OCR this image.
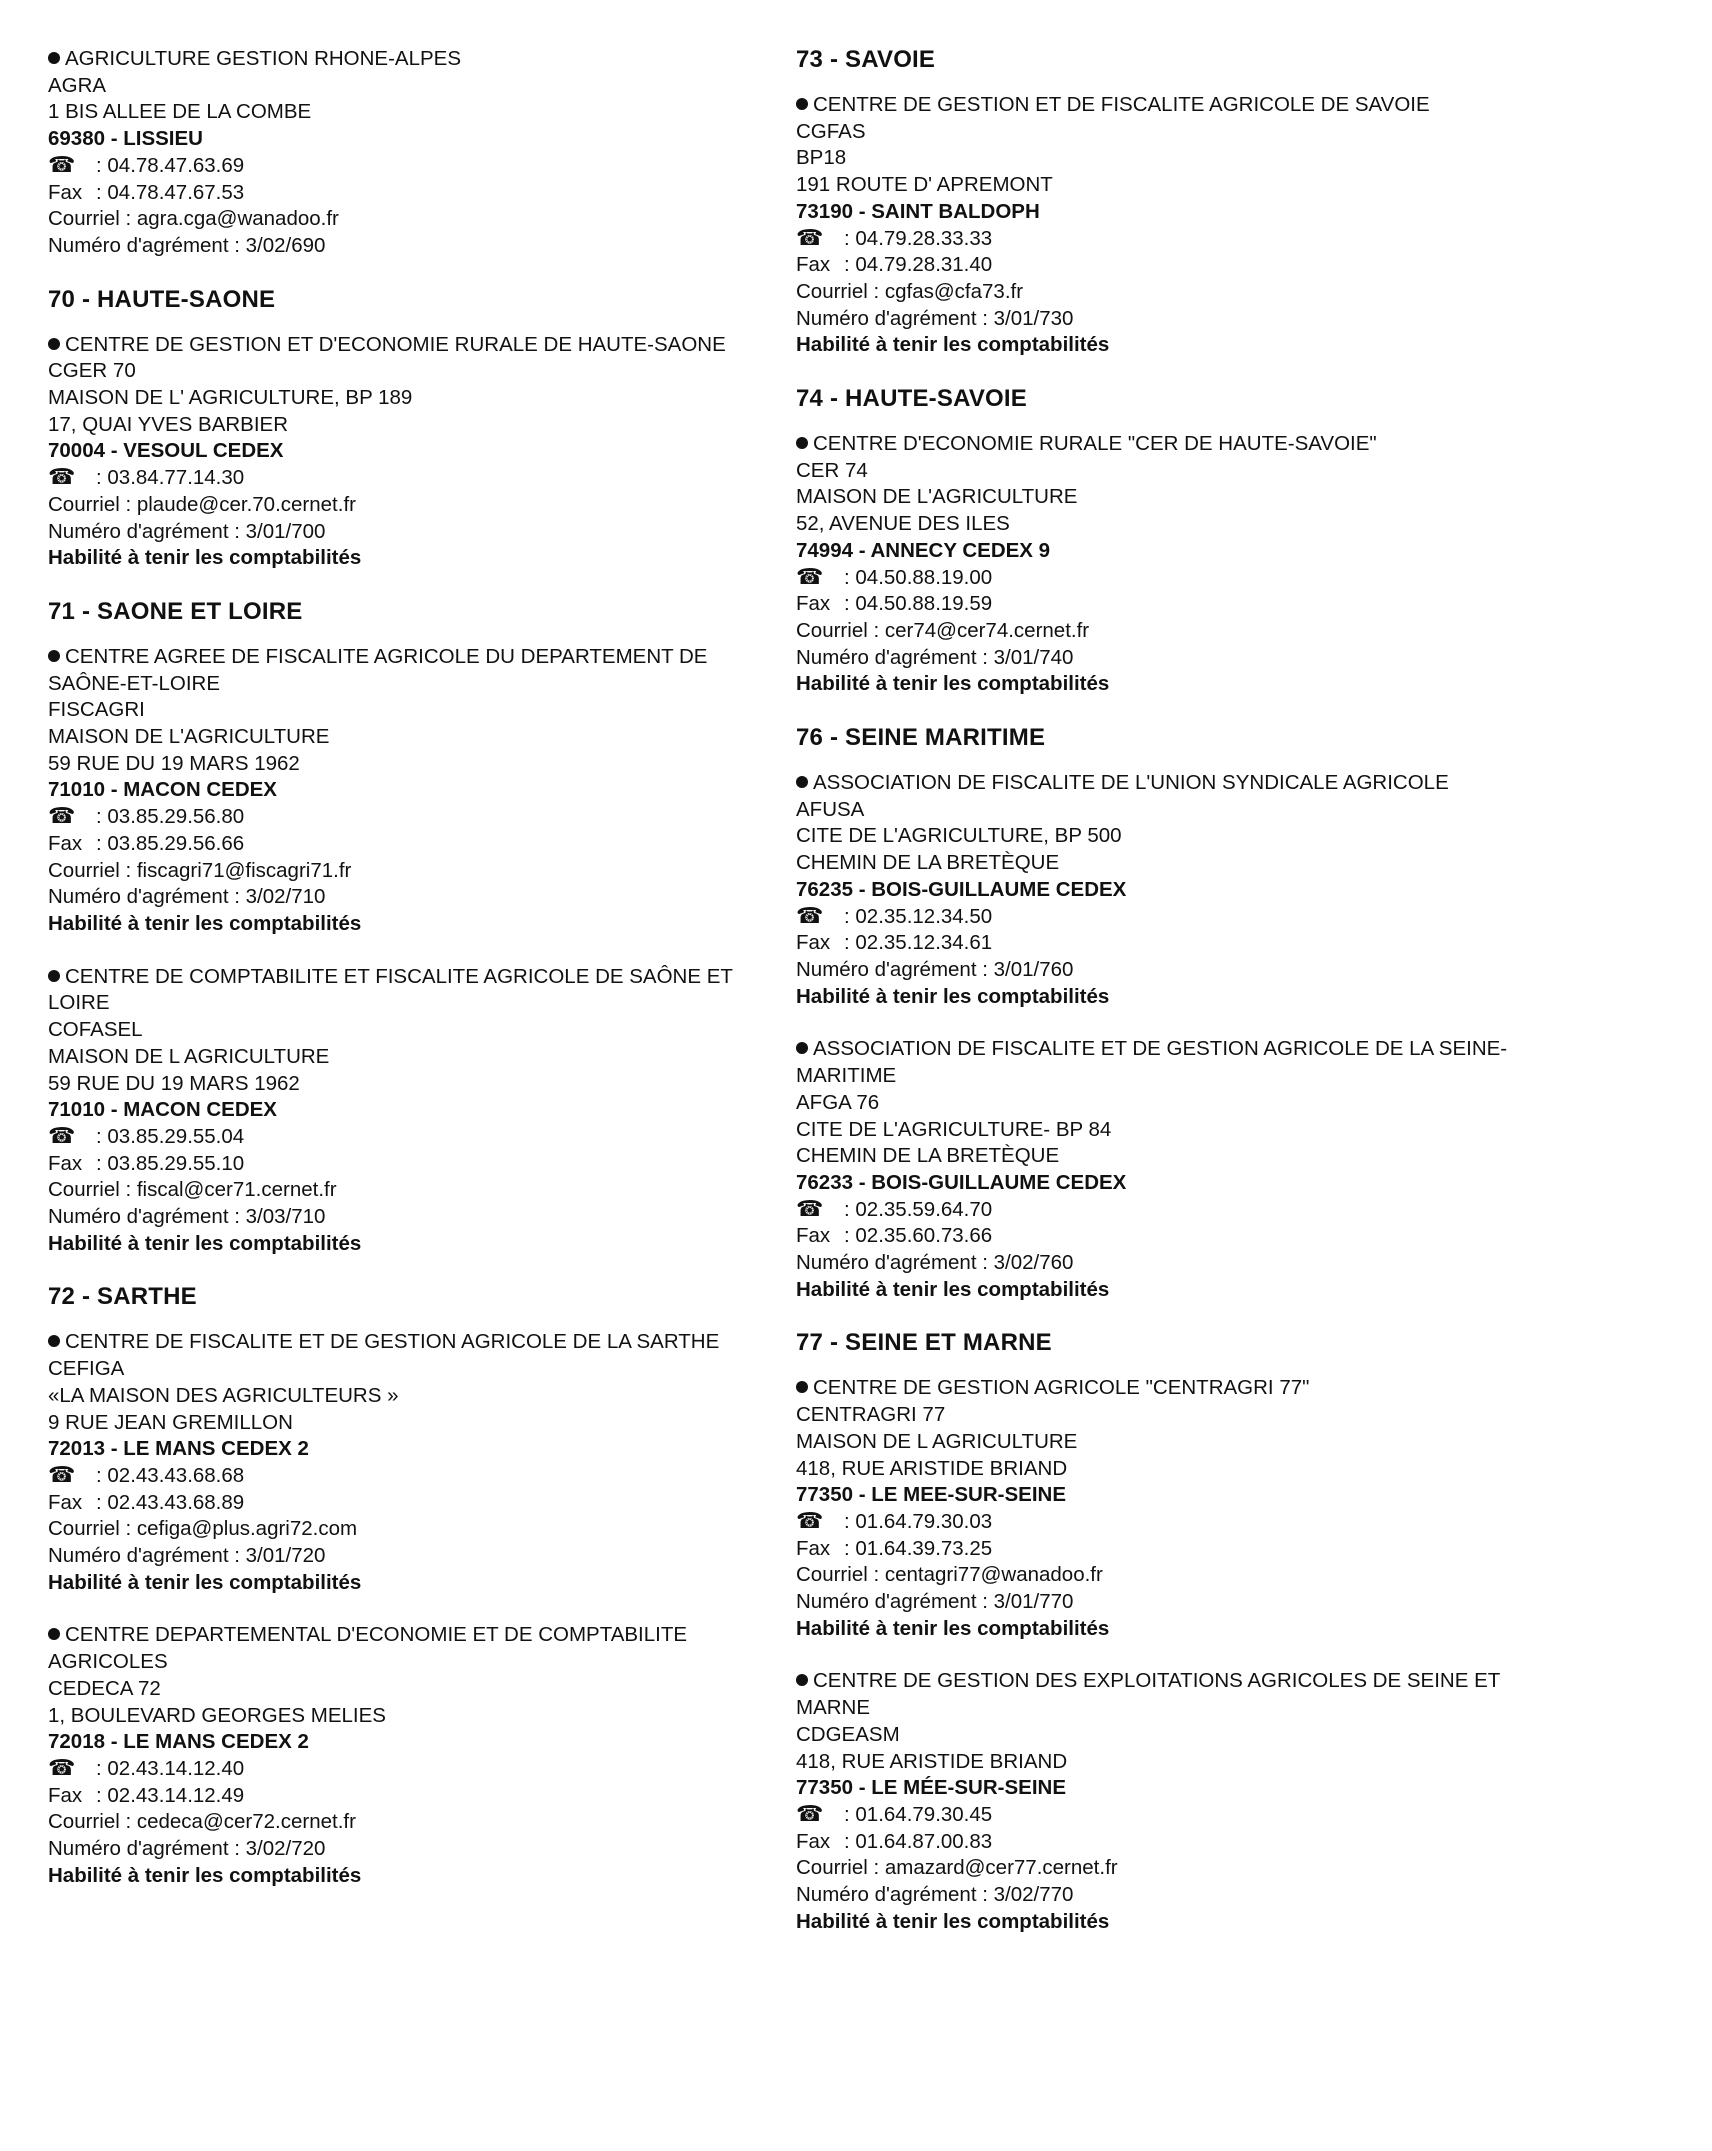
AGRICULTURE GESTION RHONE-ALPES
AGRA
1 BIS ALLEE DE LA COMBE
69380 - LISSIEU
☎ : 04.78.47.63.69
Fax : 04.78.47.67.53
Courriel : agra.cga@wanadoo.fr
Numéro d'agrément : 3/02/690
70 - HAUTE-SAONE
CENTRE DE GESTION ET D'ECONOMIE RURALE DE HAUTE-SAONE
CGER 70
MAISON DE L' AGRICULTURE, BP 189
17, QUAI YVES BARBIER
70004 - VESOUL CEDEX
☎ : 03.84.77.14.30
Courriel : plaude@cer.70.cernet.fr
Numéro d'agrément : 3/01/700
Habilité à tenir les comptabilités
71 - SAONE ET LOIRE
CENTRE AGREE DE FISCALITE AGRICOLE DU DEPARTEMENT DE SAÔNE-ET-LOIRE
FISCAGRI
MAISON DE L'AGRICULTURE
59 RUE DU 19 MARS 1962
71010 - MACON CEDEX
☎ : 03.85.29.56.80
Fax : 03.85.29.56.66
Courriel : fiscagri71@fiscagri71.fr
Numéro d'agrément : 3/02/710
Habilité à tenir les comptabilités
CENTRE DE COMPTABILITE ET FISCALITE AGRICOLE DE SAÔNE ET LOIRE
COFASEL
MAISON DE L AGRICULTURE
59 RUE DU 19 MARS 1962
71010 - MACON CEDEX
☎ : 03.85.29.55.04
Fax : 03.85.29.55.10
Courriel : fiscal@cer71.cernet.fr
Numéro d'agrément : 3/03/710
Habilité à tenir les comptabilités
72 - SARTHE
CENTRE DE FISCALITE ET DE GESTION AGRICOLE DE LA SARTHE
CEFIGA
«LA MAISON DES AGRICULTEURS »
9 RUE JEAN GREMILLON
72013 - LE MANS CEDEX 2
☎ : 02.43.43.68.68
Fax : 02.43.43.68.89
Courriel : cefiga@plus.agri72.com
Numéro d'agrément : 3/01/720
Habilité à tenir les comptabilités
CENTRE DEPARTEMENTAL D'ECONOMIE ET DE COMPTABILITE AGRICOLES
CEDECA 72
1, BOULEVARD GEORGES MELIES
72018 - LE MANS CEDEX 2
☎ : 02.43.14.12.40
Fax : 02.43.14.12.49
Courriel : cedeca@cer72.cernet.fr
Numéro d'agrément : 3/02/720
Habilité à tenir les comptabilités
73 - SAVOIE
CENTRE DE GESTION ET DE FISCALITE AGRICOLE DE SAVOIE
CGFAS
BP18
191 ROUTE D' APREMONT
73190 - SAINT BALDOPH
☎ : 04.79.28.33.33
Fax : 04.79.28.31.40
Courriel : cgfas@cfa73.fr
Numéro d'agrément : 3/01/730
Habilité à tenir les comptabilités
74 - HAUTE-SAVOIE
CENTRE D'ECONOMIE RURALE "CER DE HAUTE-SAVOIE"
CER 74
MAISON DE L'AGRICULTURE
52, AVENUE DES ILES
74994 - ANNECY CEDEX 9
☎ : 04.50.88.19.00
Fax : 04.50.88.19.59
Courriel : cer74@cer74.cernet.fr
Numéro d'agrément : 3/01/740
Habilité à tenir les comptabilités
76 - SEINE MARITIME
ASSOCIATION DE FISCALITE DE L'UNION SYNDICALE AGRICOLE
AFUSA
CITE DE L'AGRICULTURE, BP 500
CHEMIN DE LA BRETÈQUE
76235 - BOIS-GUILLAUME CEDEX
☎ : 02.35.12.34.50
Fax : 02.35.12.34.61
Numéro d'agrément : 3/01/760
Habilité à tenir les comptabilités
ASSOCIATION DE FISCALITE ET DE GESTION AGRICOLE DE LA SEINE-MARITIME
AFGA 76
CITE DE L'AGRICULTURE- BP 84
CHEMIN DE LA BRETÈQUE
76233 - BOIS-GUILLAUME CEDEX
☎ : 02.35.59.64.70
Fax : 02.35.60.73.66
Numéro d'agrément : 3/02/760
Habilité à tenir les comptabilités
77 - SEINE ET MARNE
CENTRE DE GESTION AGRICOLE "CENTRAGRI 77"
CENTRAGRI 77
MAISON DE L AGRICULTURE
418, RUE ARISTIDE BRIAND
77350 - LE MEE-SUR-SEINE
☎ : 01.64.79.30.03
Fax : 01.64.39.73.25
Courriel : centagri77@wanadoo.fr
Numéro d'agrément : 3/01/770
Habilité à tenir les comptabilités
CENTRE DE GESTION DES EXPLOITATIONS AGRICOLES DE SEINE ET MARNE
CDGEASM
418, RUE ARISTIDE BRIAND
77350 - LE MÉE-SUR-SEINE
☎ : 01.64.79.30.45
Fax : 01.64.87.00.83
Courriel : amazard@cer77.cernet.fr
Numéro d'agrément : 3/02/770
Habilité à tenir les comptabilités
